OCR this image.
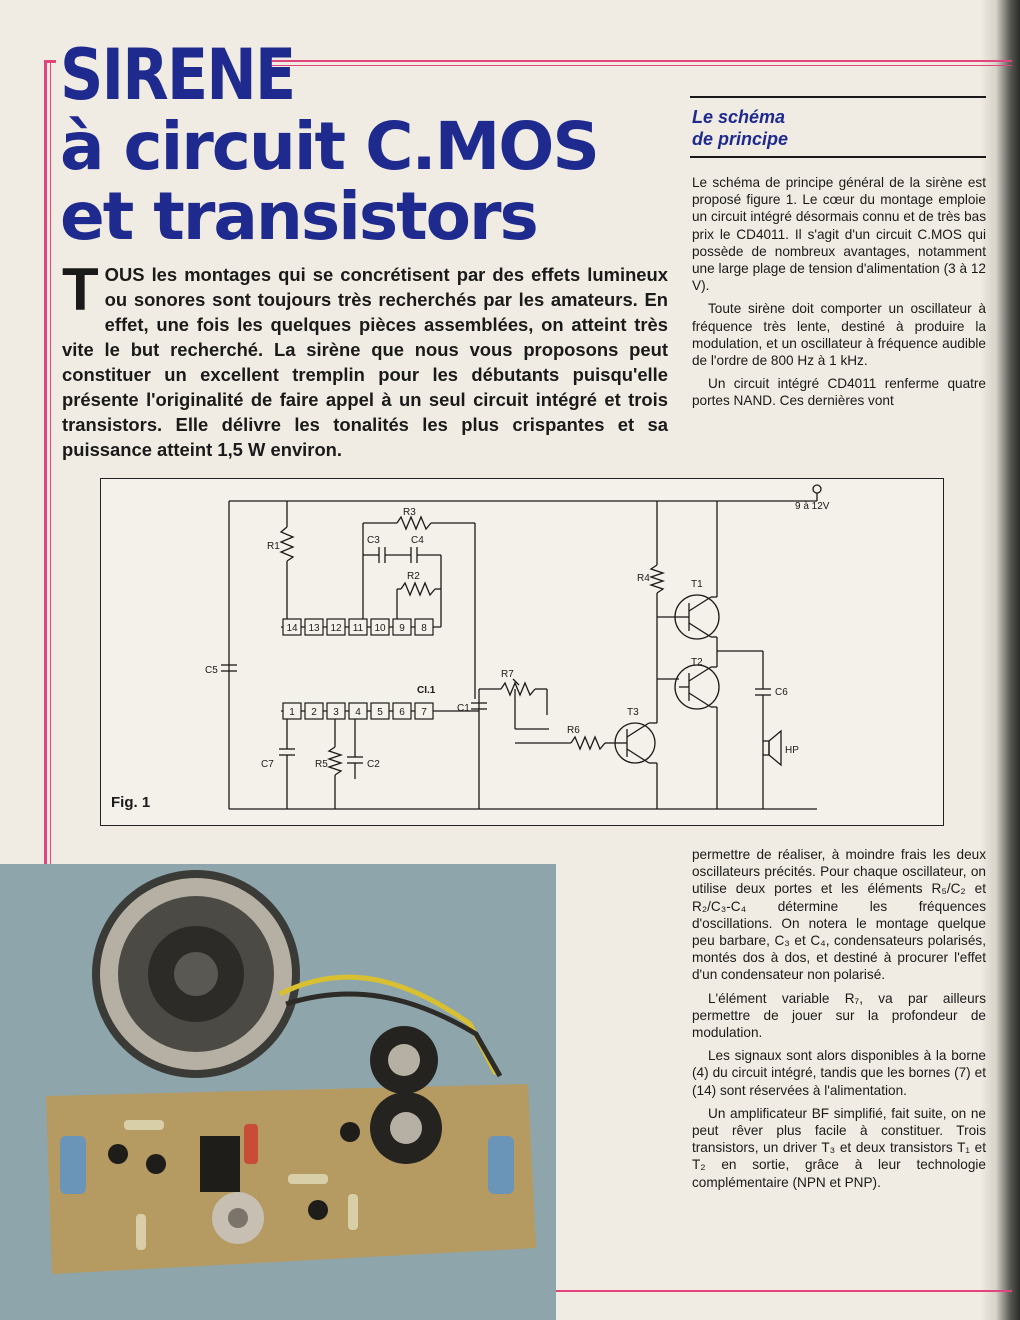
SIRENE
à circuit C.MOS
et transistors
TOUS les montages qui se concrétisent par des effets lumineux ou sonores sont toujours très recherchés par les amateurs. En effet, une fois les quelques pièces assemblées, on atteint très vite le but recherché. La sirène que nous vous proposons peut constituer un excellent tremplin pour les débutants puisqu'elle présente l'originalité de faire appel à un seul circuit intégré et trois transistors. Elle délivre les tonalités les plus crispantes et sa puissance atteint 1,5 W environ.
Le schéma
de principe

Le schéma de principe général de la sirène est proposé figure 1. Le cœur du montage emploie un circuit intégré désormais connu et de très bas prix le CD4011. Il s'agit d'un circuit C.MOS qui possède de nombreux avantages, notamment une large plage de tension d'alimentation (3 à 12 V).

Toute sirène doit comporter un oscillateur à fréquence très lente, destiné à produire la modulation, et un oscillateur à fréquence audible de l'ordre de 800 Hz à 1 kHz.

Un circuit intégré CD4011 renferme quatre portes NAND. Ces dernières vont

14 13 12 11 10 9 8
1 2 3 4 5 6 7
9 à 12V
R1
R3
C3	C4
R2
C5
CI.1
C1
R7
R6
T3
R4
T1
T2
C6
HP
C7	R5	C2
Fig. 1

permettre de réaliser, à moindre frais les deux oscillateurs précités. Pour chaque oscillateur, on utilise deux portes et les éléments R₅/C₂ et R₂/C₃-C₄ détermine les fréquences d'oscillations. On notera le montage quelque peu barbare, C₃ et C₄, condensateurs polarisés, montés dos à dos, et destiné à procurer l'effet d'un condensateur non polarisé.

L'élément variable R₇, va par ailleurs permettre de jouer sur la profondeur de modulation.

Les signaux sont alors disponibles à la borne (4) du circuit intégré, tandis que les bornes (7) et (14) sont réservées à l'alimentation.

Un amplificateur BF simplifié, fait suite, on ne peut rêver plus facile à constituer. Trois transistors, un driver T₃ et deux transistors T₁ et T₂ en sortie, grâce à leur technologie complémentaire (NPN et PNP).
